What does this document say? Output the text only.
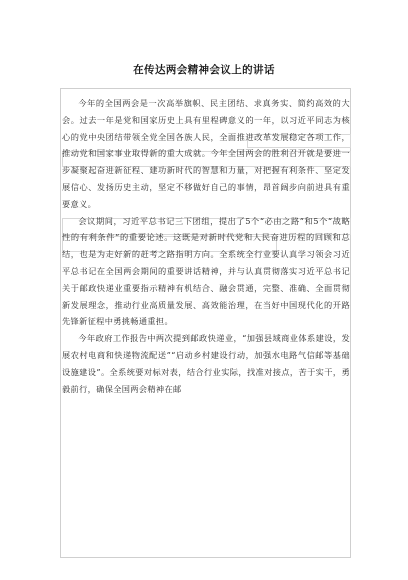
在传达两会精神会议上的讲话

今年的全国两会是一次高举旗帜、民主团结、求真务实、简约高效的大会。过去一年是党和国家历史上具有里程碑意义的一年，以习近平同志为核心的党中央团结带领全党全国各族人民，全面推进改革发展稳定各项工作，推动党和国家事业取得新的重大成就。今年全国两会的胜利召开就是要进一步凝聚起奋进新征程、建功新时代的智慧和力量，对把握有利条件、坚定发展信心、发扬历史主动，坚定不移做好自己的事情，昂首阔步向前进具有重要意义。

会议期间，习近平总书记三下团组，提出了5个“必由之路”和5个“战略性的有利条件”的重要论述。这既是对新时代党和人民奋进历程的回顾和总结，也是为走好新的赶考之路指明方向。全系统全行业要认真学习领会习近平总书记在全国两会期间的重要讲话精神，并与认真贯彻落实习近平总书记关于邮政快递业重要指示精神有机结合、融会贯通，完整、准确、全面贯彻新发展理念，推动行业高质量发展、高效能治理，在当好中国现代化的开路先锋新征程中勇挑畅通重担。

今年政府工作报告中两次提到邮政快递业，“加强县域商业体系建设，发展农村电商和快递物流配送”“启动乡村建设行动，加强水电路气信邮等基础设施建设”。全系统要对标对表，结合行业实际，找准对接点，苦于实干，勇毅前行，确保全国两会精神在邮
